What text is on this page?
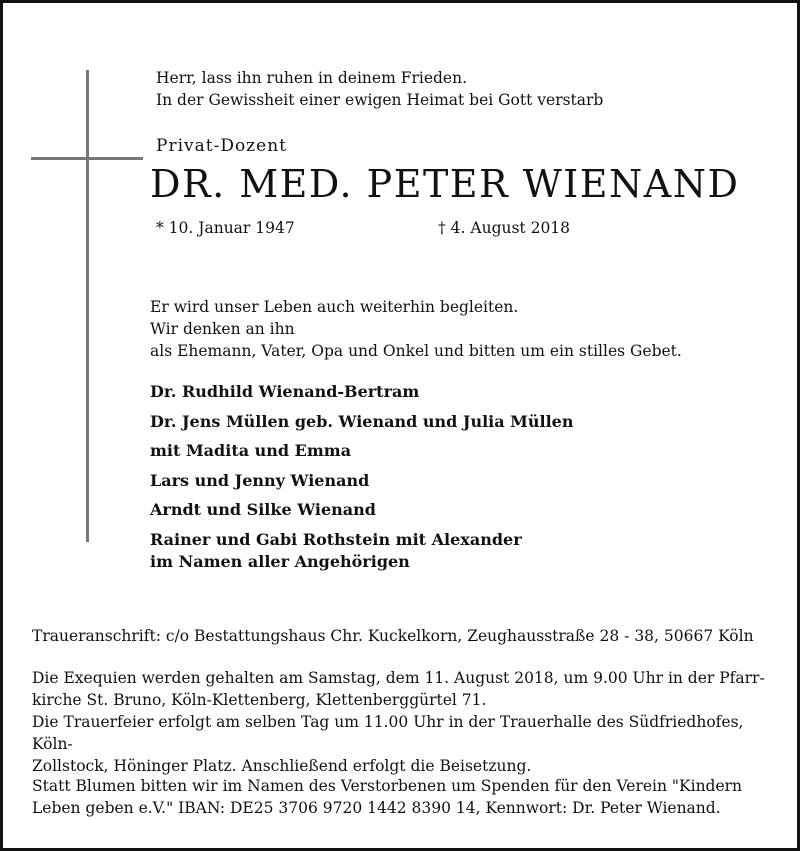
Herr, lass ihn ruhen in deinem Frieden.
In der Gewissheit einer ewigen Heimat bei Gott verstarb
Privat-Dozent
DR. MED. PETER WIENAND
* 10. Januar 1947	† 4. August 2018
Er wird unser Leben auch weiterhin begleiten.
Wir denken an ihn
als Ehemann, Vater, Opa und Onkel und bitten um ein stilles Gebet.
Dr. Rudhild Wienand-Bertram
Dr. Jens Müllen geb. Wienand und Julia Müllen
mit Madita und Emma
Lars und Jenny Wienand
Arndt und Silke Wienand
Rainer und Gabi Rothstein mit Alexander
im Namen aller Angehörigen
Traueranschrift: c/o Bestattungshaus Chr. Kuckelkorn, Zeughausstraße 28 - 38, 50667 Köln
Die Exequien werden gehalten am Samstag, dem 11. August 2018, um 9.00 Uhr in der Pfarr-
kirche St. Bruno, Köln-Klettenberg, Klettenberggürtel 71.
Die Trauerfeier erfolgt am selben Tag um 11.00 Uhr in der Trauerhalle des Südfriedhofes, Köln-
Zollstock, Höninger Platz. Anschließend erfolgt die Beisetzung.
Statt Blumen bitten wir im Namen des Verstorbenen um Spenden für den Verein "Kindern
Leben geben e.V." IBAN: DE25 3706 9720 1442 8390 14, Kennwort: Dr. Peter Wienand.
